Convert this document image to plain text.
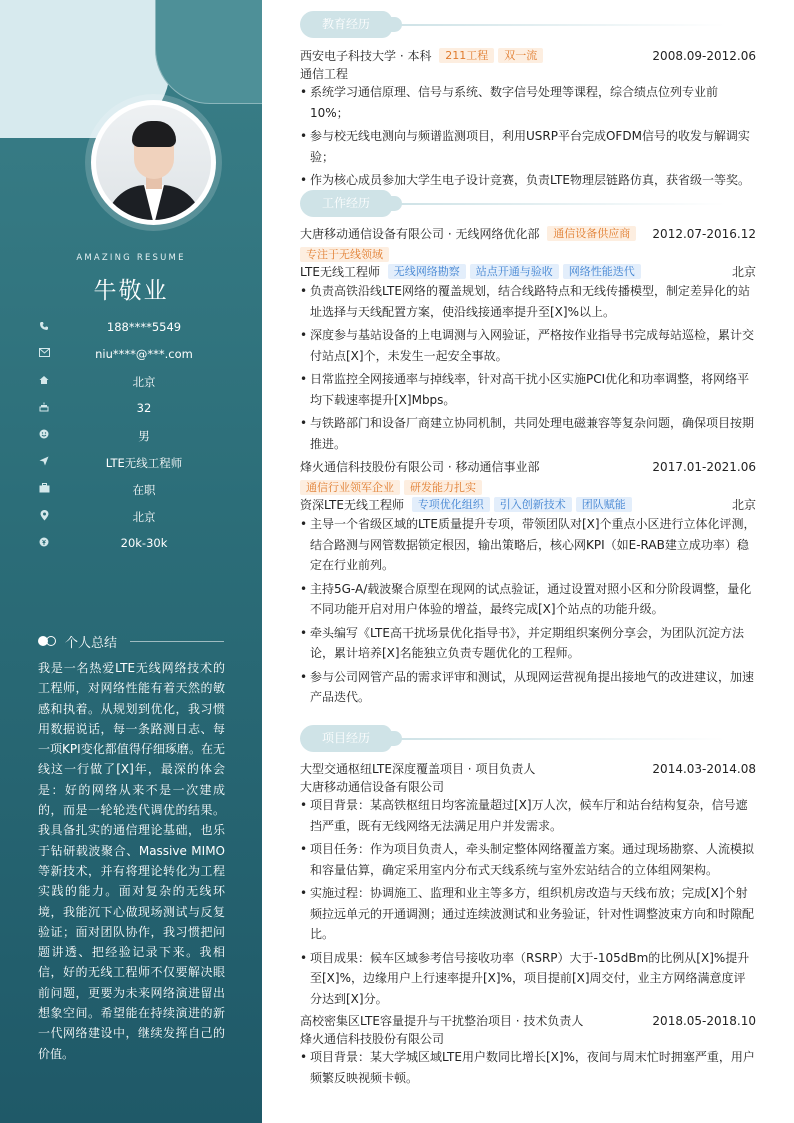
AMAZING RESUME
牛敬业
188****5549
niu****@***.com
北京
32
男
LTE无线工程师
在职
北京
20k-30k
个人总结
我是一名热爱LTE无线网络技术的工程师，对网络性能有着天然的敏感和执着。从规划到优化，我习惯用数据说话，每一条路测日志、每一项KPI变化都值得仔细琢磨。在无线这一行做了[X]年，最深的体会是：好的网络从来不是一次建成的，而是一轮轮迭代调优的结果。我具备扎实的通信理论基础，也乐于钻研载波聚合、Massive MIMO等新技术，并有将理论转化为工程实践的能力。面对复杂的无线环境，我能沉下心做现场测试与反复验证；面对团队协作，我习惯把问题讲透、把经验记录下来。我相信，好的无线工程师不仅要解决眼前问题，更要为未来网络演进留出想象空间。希望能在持续演进的新一代网络建设中，继续发挥自己的价值。
教育经历
西安电子科技大学 · 本科 211工程 双一流	2008.09-2012.06
通信工程
• 系统学习通信原理、信号与系统、数字信号处理等课程，综合绩点位列专业前10%；
• 参与校无线电测向与频谱监测项目，利用USRP平台完成OFDM信号的收发与解调实验；
• 作为核心成员参加大学生电子设计竞赛，负责LTE物理层链路仿真，获省级一等奖。
工作经历
大唐移动通信设备有限公司 · 无线网络优化部 通信设备供应商 2012.07-2016.12
专注于无线领域
LTE无线工程师 无线网络勘察 站点开通与验收 网络性能迭代	北京
• 负责高铁沿线LTE网络的覆盖规划，结合线路特点和无线传播模型，制定差异化的站址选择与天线配置方案，使沿线接通率提升至[X]%以上。
• 深度参与基站设备的上电调测与入网验证，严格按作业指导书完成每站巡检，累计交付站点[X]个，未发生一起安全事故。
• 日常监控全网接通率与掉线率，针对高干扰小区实施PCI优化和功率调整，将网络平均下载速率提升[X]Mbps。
• 与铁路部门和设备厂商建立协同机制，共同处理电磁兼容等复杂问题，确保项目按期推进。
烽火通信科技股份有限公司 · 移动通信事业部	2017.01-2021.06
通信行业领军企业 研发能力扎实
资深LTE无线工程师 专项优化组织 引入创新技术 团队赋能	北京
• 主导一个省级区域的LTE质量提升专项，带领团队对[X]个重点小区进行立体化评测，结合路测与网管数据锁定根因，输出策略后，核心网KPI（如E-RAB建立成功率）稳定在行业前列。
• 主持5G-A/载波聚合原型在现网的试点验证，通过设置对照小区和分阶段调整，量化不同功能开启对用户体验的增益，最终完成[X]个站点的功能升级。
• 牵头编写《LTE高干扰场景优化指导书》，并定期组织案例分享会，为团队沉淀方法论，累计培养[X]名能独立负责专题优化的工程师。
• 参与公司网管产品的需求评审和测试，从现网运营视角提出接地气的改进建议，加速产品迭代。
项目经历
大型交通枢纽LTE深度覆盖项目 · 项目负责人	2014.03-2014.08
大唐移动通信设备有限公司
• 项目背景：某高铁枢纽日均客流量超过[X]万人次，候车厅和站台结构复杂，信号遮挡严重，既有无线网络无法满足用户并发需求。
• 项目任务：作为项目负责人，牵头制定整体网络覆盖方案。通过现场勘察、人流模拟和容量估算，确定采用室内分布式天线系统与室外宏站结合的立体组网架构。
• 实施过程：协调施工、监理和业主等多方，组织机房改造与天线布放；完成[X]个射频拉远单元的开通调测；通过连续波测试和业务验证，针对性调整波束方向和时隙配比。
• 项目成果：候车区域参考信号接收功率（RSRP）大于-105dBm的比例从[X]%提升至[X]%，边缘用户上行速率提升[X]%，项目提前[X]周交付，业主方网络满意度评分达到[X]分。
高校密集区LTE容量提升与干扰整治项目 · 技术负责人	2018.05-2018.10
烽火通信科技股份有限公司
• 项目背景：某大学城区域LTE用户数同比增长[X]%，夜间与周末忙时拥塞严重，用户频繁反映视频卡顿。
